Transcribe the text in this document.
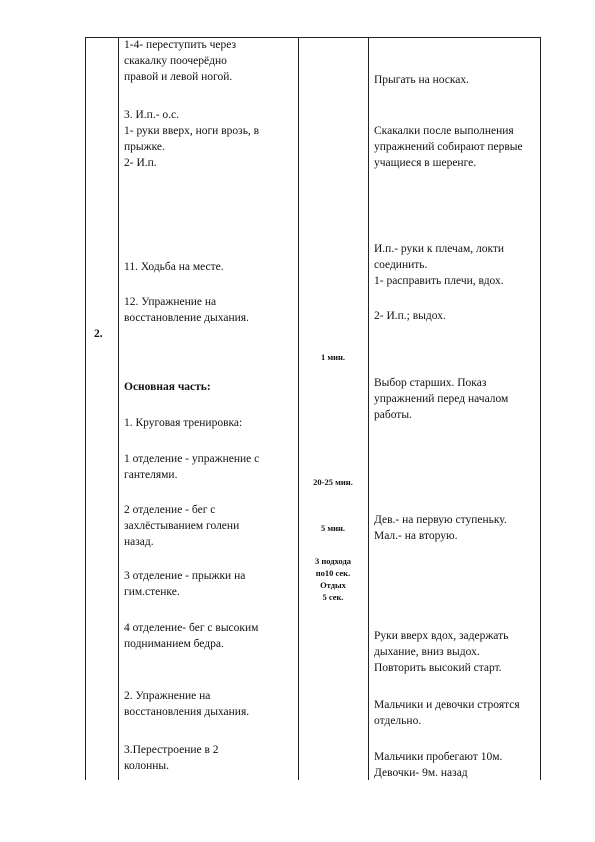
2.
1-4- переступить через
скакалку поочерёдно
правой и левой ногой.
3. И.п.- о.с.
1- руки вверх, ноги врозь, в
прыжке.
2- И.п.
11. Ходьба на месте.
12. Упражнение на
восстановление дыхания.
Основная часть:
1. Круговая тренировка:
1 отделение - упражнение с
гантелями.
2 отделение - бег с
захлёстыванием голени
назад.
3 отделение - прыжки на
гим.стенке.
4 отделение- бег с высоким
подниманием бедра.
2. Упражнение на
восстановления дыхания.
3.Перестроение в 2
колонны.
1 мин.
20-25 мин.
5 мин.
3 подхода
по10 сек.
Отдых
5 сек.
Прыгать на носках.
Скакалки после выполнения
упражнений собирают первые
учащиеся в шеренге.
И.п.- руки к плечам, локти
соединить.
1- расправить плечи, вдох.
2- И.п.; выдох.
Выбор старших. Показ
упражнений перед началом
работы.
Дев.- на первую ступеньку.
Мал.- на вторую.
Руки вверх вдох, задержать
дыхание, вниз выдох.
Повторить высокий старт.
Мальчики и девочки строятся
отдельно.
Мальчики пробегают 10м.
Девочки- 9м. назад
